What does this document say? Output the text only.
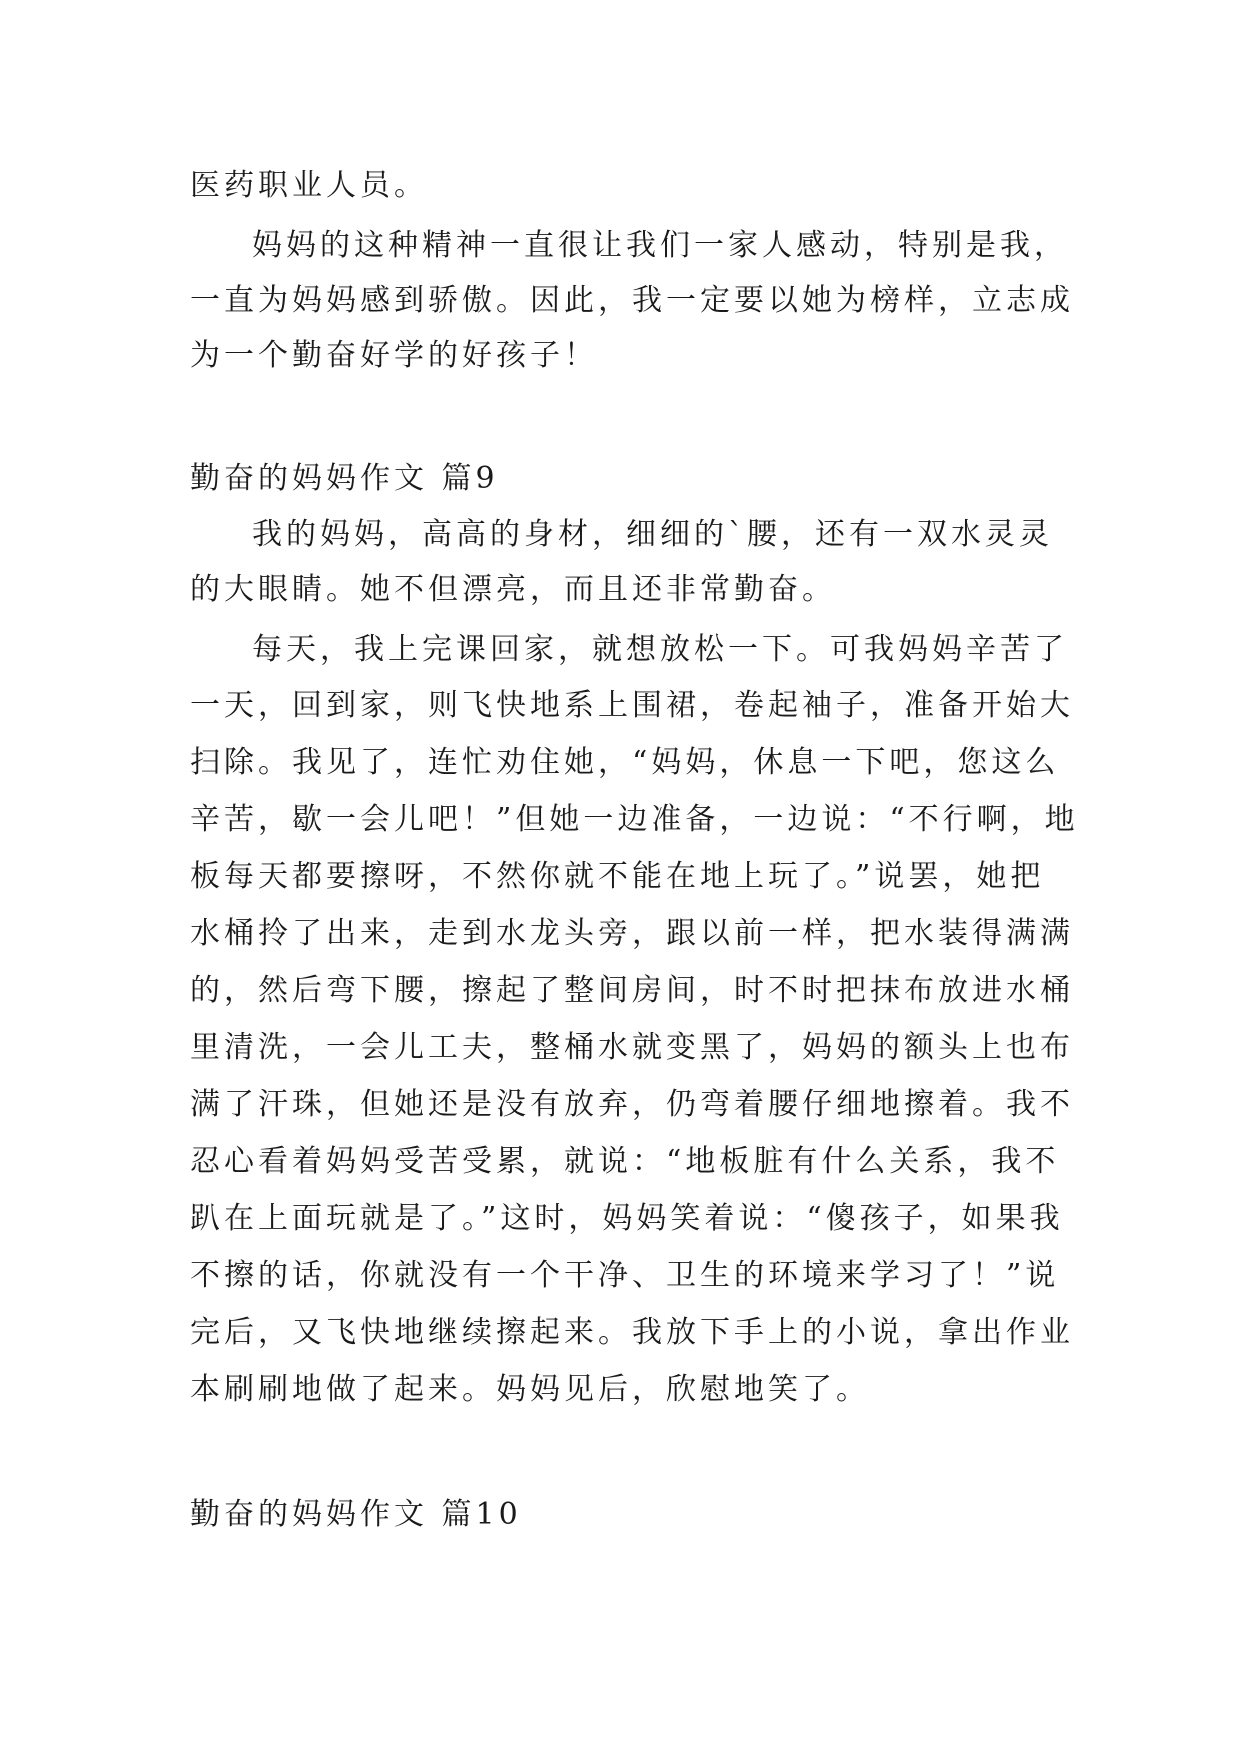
医药职业人员。
妈妈的这种精神一直很让我们一家人感动，特别是我，
一直为妈妈感到骄傲。因此，我一定要以她为榜样，立志成
为一个勤奋好学的好孩子！
勤奋的妈妈作文 篇9
我的妈妈，高高的身材，细细的`腰，还有一双水灵灵
的大眼睛。她不但漂亮，而且还非常勤奋。
每天，我上完课回家，就想放松一下。可我妈妈辛苦了
一天，回到家，则飞快地系上围裙，卷起袖子，准备开始大
扫除。我见了，连忙劝住她，“妈妈，休息一下吧，您这么
辛苦，歇一会儿吧！”但她一边准备，一边说：“不行啊，地
板每天都要擦呀，不然你就不能在地上玩了。”说罢，她把
水桶拎了出来，走到水龙头旁，跟以前一样，把水装得满满
的，然后弯下腰，擦起了整间房间，时不时把抹布放进水桶
里清洗，一会儿工夫，整桶水就变黑了，妈妈的额头上也布
满了汗珠，但她还是没有放弃，仍弯着腰仔细地擦着。我不
忍心看着妈妈受苦受累，就说：“地板脏有什么关系，我不
趴在上面玩就是了。”这时，妈妈笑着说：“傻孩子，如果我
不擦的话，你就没有一个干净、卫生的环境来学习了！”说
完后，又飞快地继续擦起来。我放下手上的小说，拿出作业
本刷刷地做了起来。妈妈见后，欣慰地笑了。
勤奋的妈妈作文 篇10
